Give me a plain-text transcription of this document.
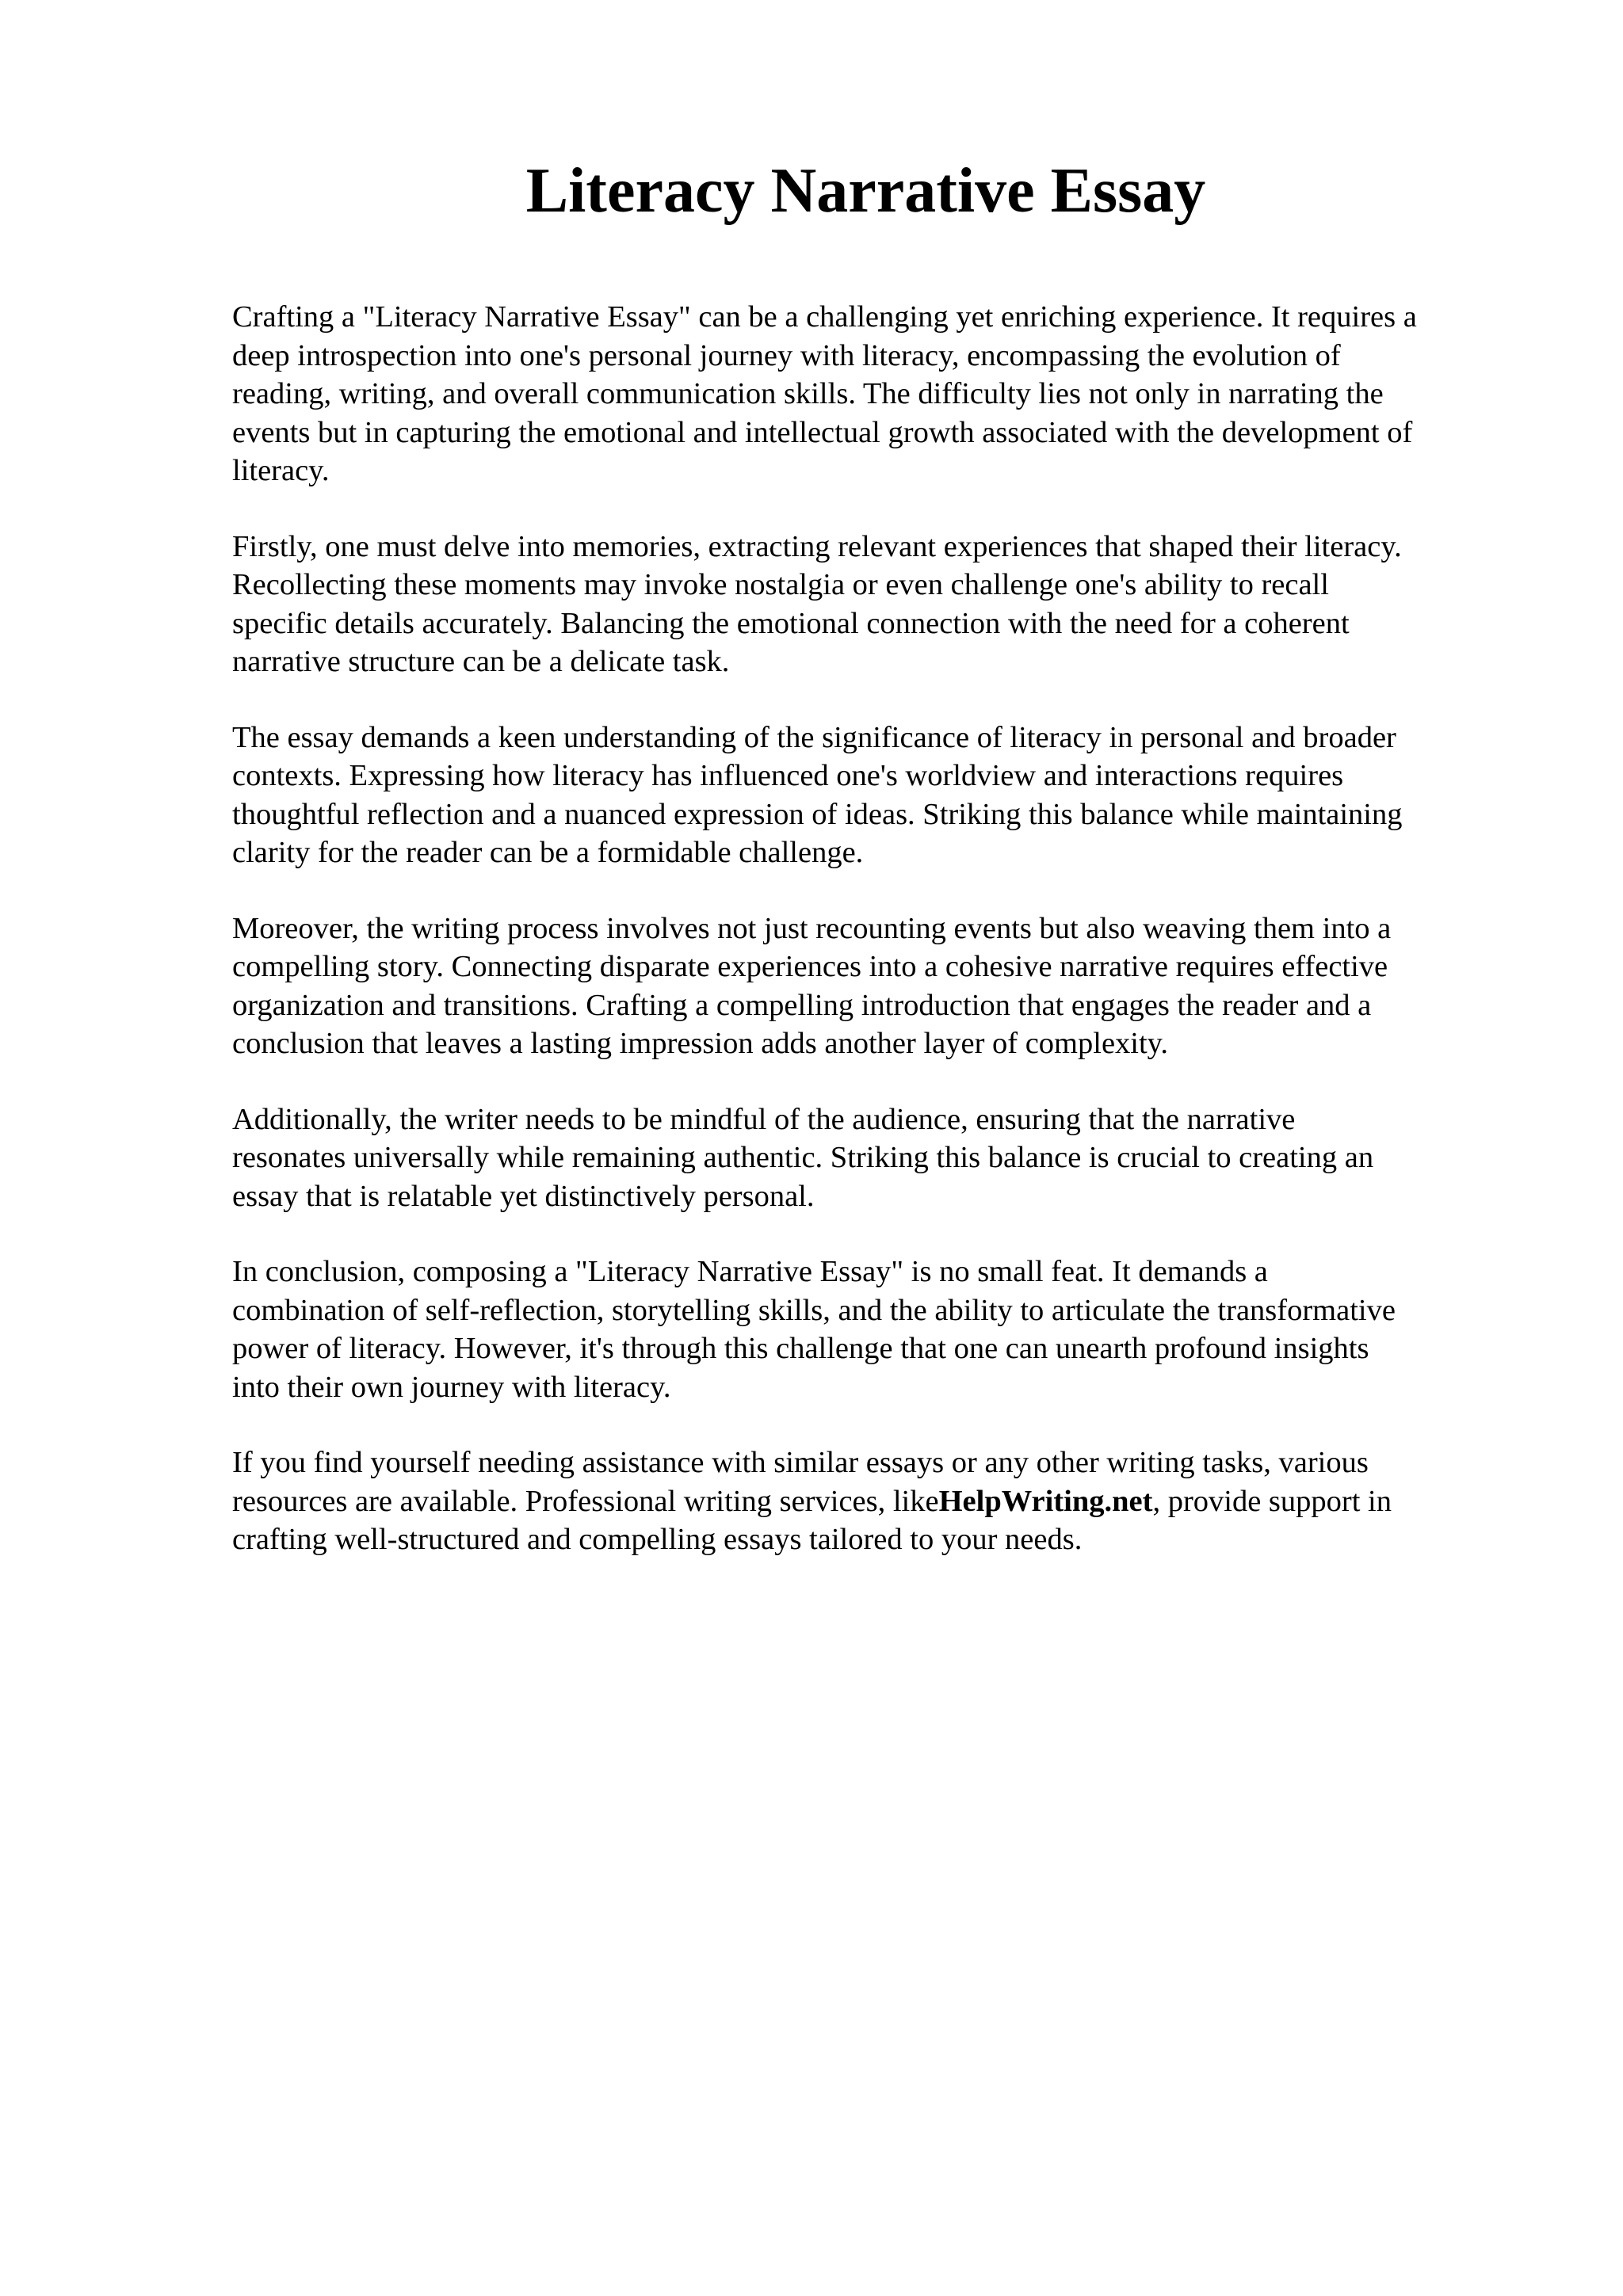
Literacy Narrative Essay

Crafting a "Literacy Narrative Essay" can be a challenging yet enriching experience. It requires a
deep introspection into one's personal journey with literacy, encompassing the evolution of
reading, writing, and overall communication skills. The difficulty lies not only in narrating the
events but in capturing the emotional and intellectual growth associated with the development of
literacy.

Firstly, one must delve into memories, extracting relevant experiences that shaped their literacy.
Recollecting these moments may invoke nostalgia or even challenge one's ability to recall
specific details accurately. Balancing the emotional connection with the need for a coherent
narrative structure can be a delicate task.

The essay demands a keen understanding of the significance of literacy in personal and broader
contexts. Expressing how literacy has influenced one's worldview and interactions requires
thoughtful reflection and a nuanced expression of ideas. Striking this balance while maintaining
clarity for the reader can be a formidable challenge.

Moreover, the writing process involves not just recounting events but also weaving them into a
compelling story. Connecting disparate experiences into a cohesive narrative requires effective
organization and transitions. Crafting a compelling introduction that engages the reader and a
conclusion that leaves a lasting impression adds another layer of complexity.

Additionally, the writer needs to be mindful of the audience, ensuring that the narrative
resonates universally while remaining authentic. Striking this balance is crucial to creating an
essay that is relatable yet distinctively personal.

In conclusion, composing a "Literacy Narrative Essay" is no small feat. It demands a
combination of self-reflection, storytelling skills, and the ability to articulate the transformative
power of literacy. However, it's through this challenge that one can unearth profound insights
into their own journey with literacy.

If you find yourself needing assistance with similar essays or any other writing tasks, various
resources are available. Professional writing services, likeHelpWriting.net, provide support in
crafting well-structured and compelling essays tailored to your needs.
